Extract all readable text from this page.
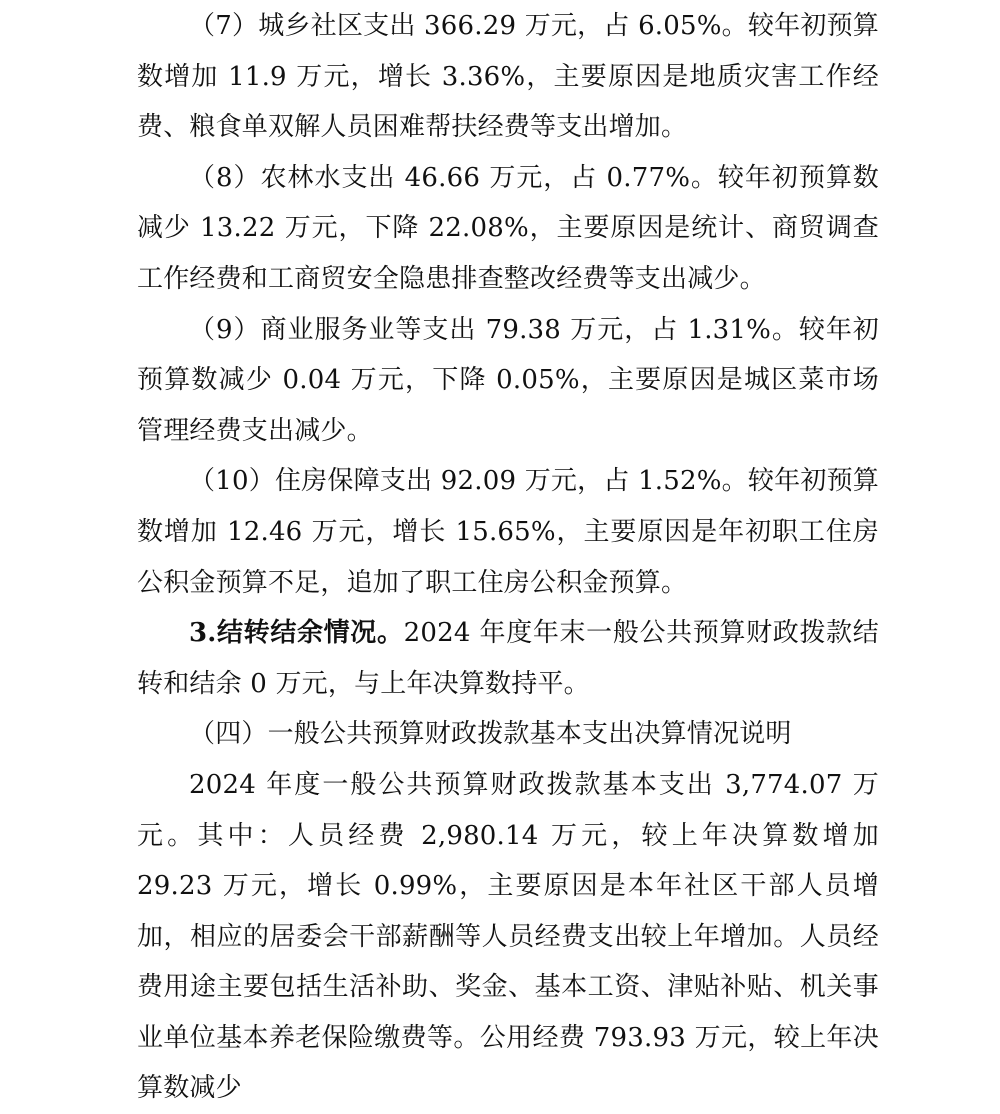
（7）城乡社区支出 366.29 万元，占 6.05%。较年初预算数增加 11.9 万元，增长 3.36%，主要原因是地质灾害工作经费、粮食单双解人员困难帮扶经费等支出增加。

（8）农林水支出 46.66 万元，占 0.77%。较年初预算数减少 13.22 万元，下降 22.08%，主要原因是统计、商贸调查工作经费和工商贸安全隐患排查整改经费等支出减少。

（9）商业服务业等支出 79.38 万元，占 1.31%。较年初预算数减少 0.04 万元，下降 0.05%，主要原因是城区菜市场管理经费支出减少。

（10）住房保障支出 92.09 万元，占 1.52%。较年初预算数增加 12.46 万元，增长 15.65%，主要原因是年初职工住房公积金预算不足，追加了职工住房公积金预算。

3.结转结余情况。2024 年度年末一般公共预算财政拨款结转和结余 0 万元，与上年决算数持平。

（四）一般公共预算财政拨款基本支出决算情况说明

2024 年度一般公共预算财政拨款基本支出 3,774.07 万元。其中：人员经费 2,980.14 万元，较上年决算数增加 29.23 万元，增长 0.99%，主要原因是本年社区干部人员增加，相应的居委会干部薪酬等人员经费支出较上年增加。人员经费用途主要包括生活补助、奖金、基本工资、津贴补贴、机关事业单位基本养老保险缴费等。公用经费 793.93 万元，较上年决算数减少
